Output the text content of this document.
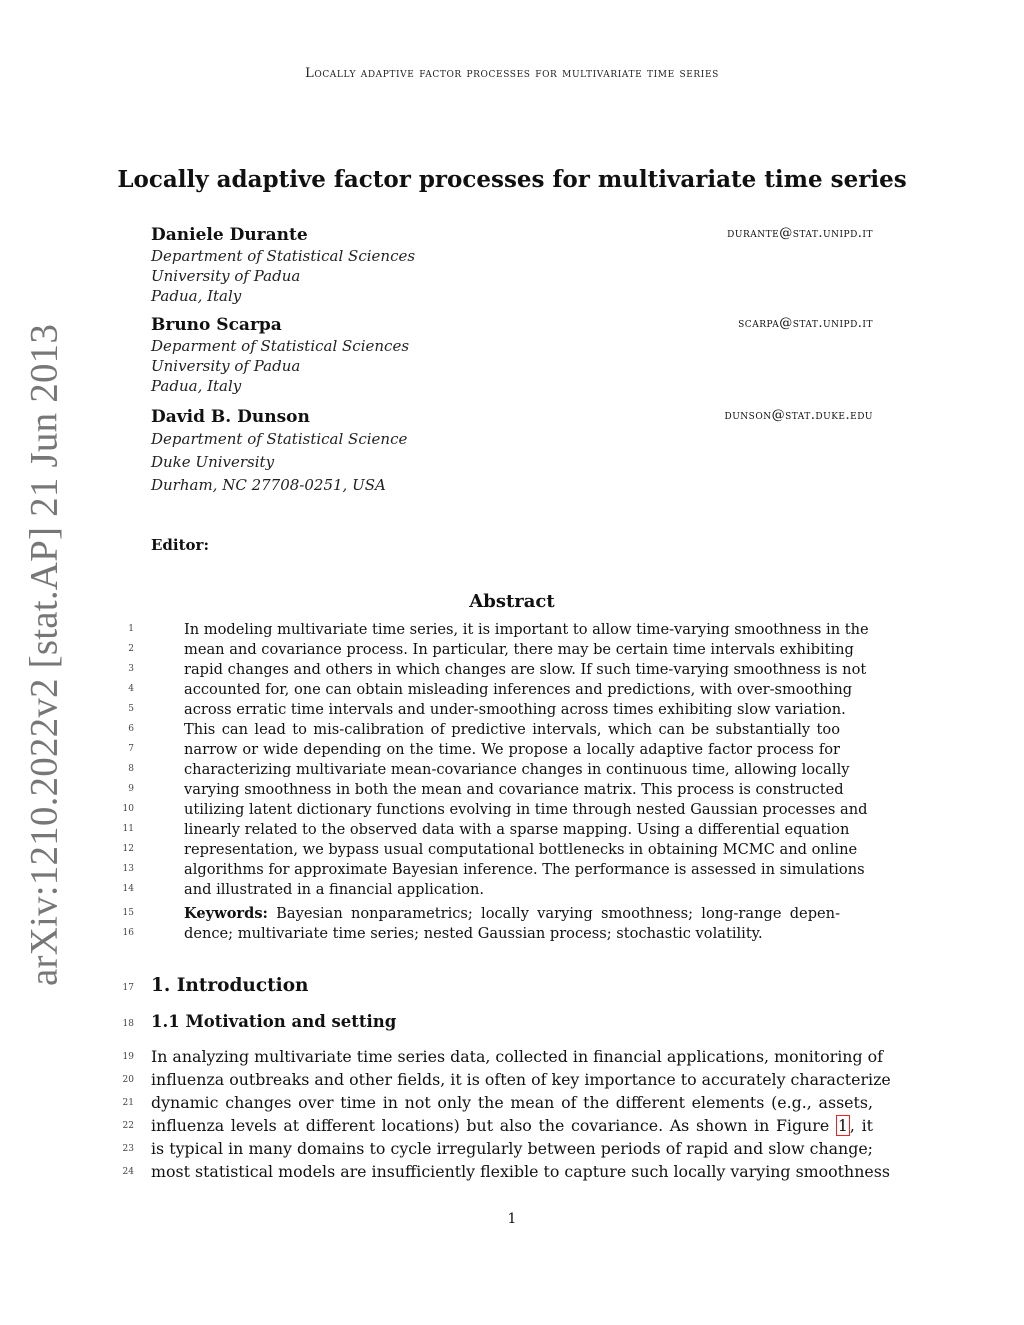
Locally adaptive factor processes for multivariate time series
arXiv:1210.2022v2 [stat.AP] 21 Jun 2013
Locally adaptive factor processes for multivariate time series
Daniele Durante	durante@stat.unipd.it
Department of Statistical Sciences
University of Padua
Padua, Italy
Bruno Scarpa	scarpa@stat.unipd.it
Deparment of Statistical Sciences
University of Padua
Padua, Italy
David B. Dunson	dunson@stat.duke.edu
Department of Statistical Science
Duke University
Durham, NC 27708-0251, USA
Editor:
Abstract
1	In modeling multivariate time series, it is important to allow time-varying smoothness in the
2	mean and covariance process. In particular, there may be certain time intervals exhibiting
3	rapid changes and others in which changes are slow. If such time-varying smoothness is not
4	accounted for, one can obtain misleading inferences and predictions, with over-smoothing
5	across erratic time intervals and under-smoothing across times exhibiting slow variation.
6	This can lead to mis-calibration of predictive intervals, which can be substantially too
7	narrow or wide depending on the time. We propose a locally adaptive factor process for
8	characterizing multivariate mean-covariance changes in continuous time, allowing locally
9	varying smoothness in both the mean and covariance matrix. This process is constructed
10	utilizing latent dictionary functions evolving in time through nested Gaussian processes and
11	linearly related to the observed data with a sparse mapping. Using a differential equation
12	representation, we bypass usual computational bottlenecks in obtaining MCMC and online
13	algorithms for approximate Bayesian inference. The performance is assessed in simulations
14	and illustrated in a financial application.
15	Keywords: Bayesian nonparametrics; locally varying smoothness; long-range depen-
16	dence; multivariate time series; nested Gaussian process; stochastic volatility.
17 1. Introduction
18 1.1 Motivation and setting
19 In analyzing multivariate time series data, collected in financial applications, monitoring of
20 influenza outbreaks and other fields, it is often of key importance to accurately characterize
21 dynamic changes over time in not only the mean of the different elements (e.g., assets,
22 influenza levels at different locations) but also the covariance. As shown in Figure 1 , it
23 is typical in many domains to cycle irregularly between periods of rapid and slow change;
24 most statistical models are insufficiently flexible to capture such locally varying smoothness
1
